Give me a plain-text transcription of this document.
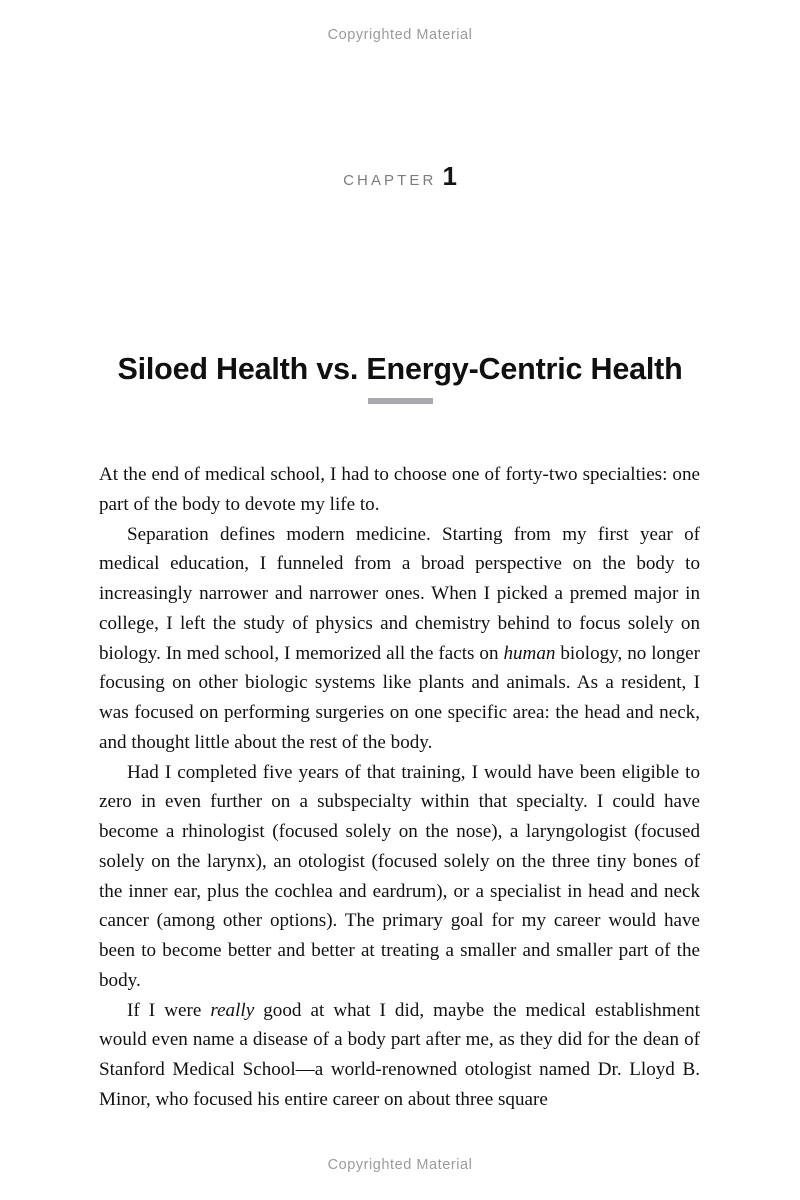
Copyrighted Material
CHAPTER 1
Siloed Health vs. Energy-Centric Health

At the end of medical school, I had to choose one of forty-two specialties: one part of the body to devote my life to.

Separation defines modern medicine. Starting from my first year of medical education, I funneled from a broad perspective on the body to increasingly narrower and narrower ones. When I picked a premed major in college, I left the study of physics and chemistry behind to focus solely on biology. In med school, I memorized all the facts on human biology, no longer focusing on other biologic systems like plants and animals. As a resident, I was focused on performing surgeries on one specific area: the head and neck, and thought little about the rest of the body.

Had I completed five years of that training, I would have been eligible to zero in even further on a subspecialty within that specialty. I could have become a rhinologist (focused solely on the nose), a laryngologist (focused solely on the larynx), an otologist (focused solely on the three tiny bones of the inner ear, plus the cochlea and eardrum), or a specialist in head and neck cancer (among other options). The primary goal for my career would have been to become better and better at treating a smaller and smaller part of the body.

If I were really good at what I did, maybe the medical establishment would even name a disease of a body part after me, as they did for the dean of Stanford Medical School—a world-renowned otologist named Dr. Lloyd B. Minor, who focused his entire career on about three square

Copyrighted Material
